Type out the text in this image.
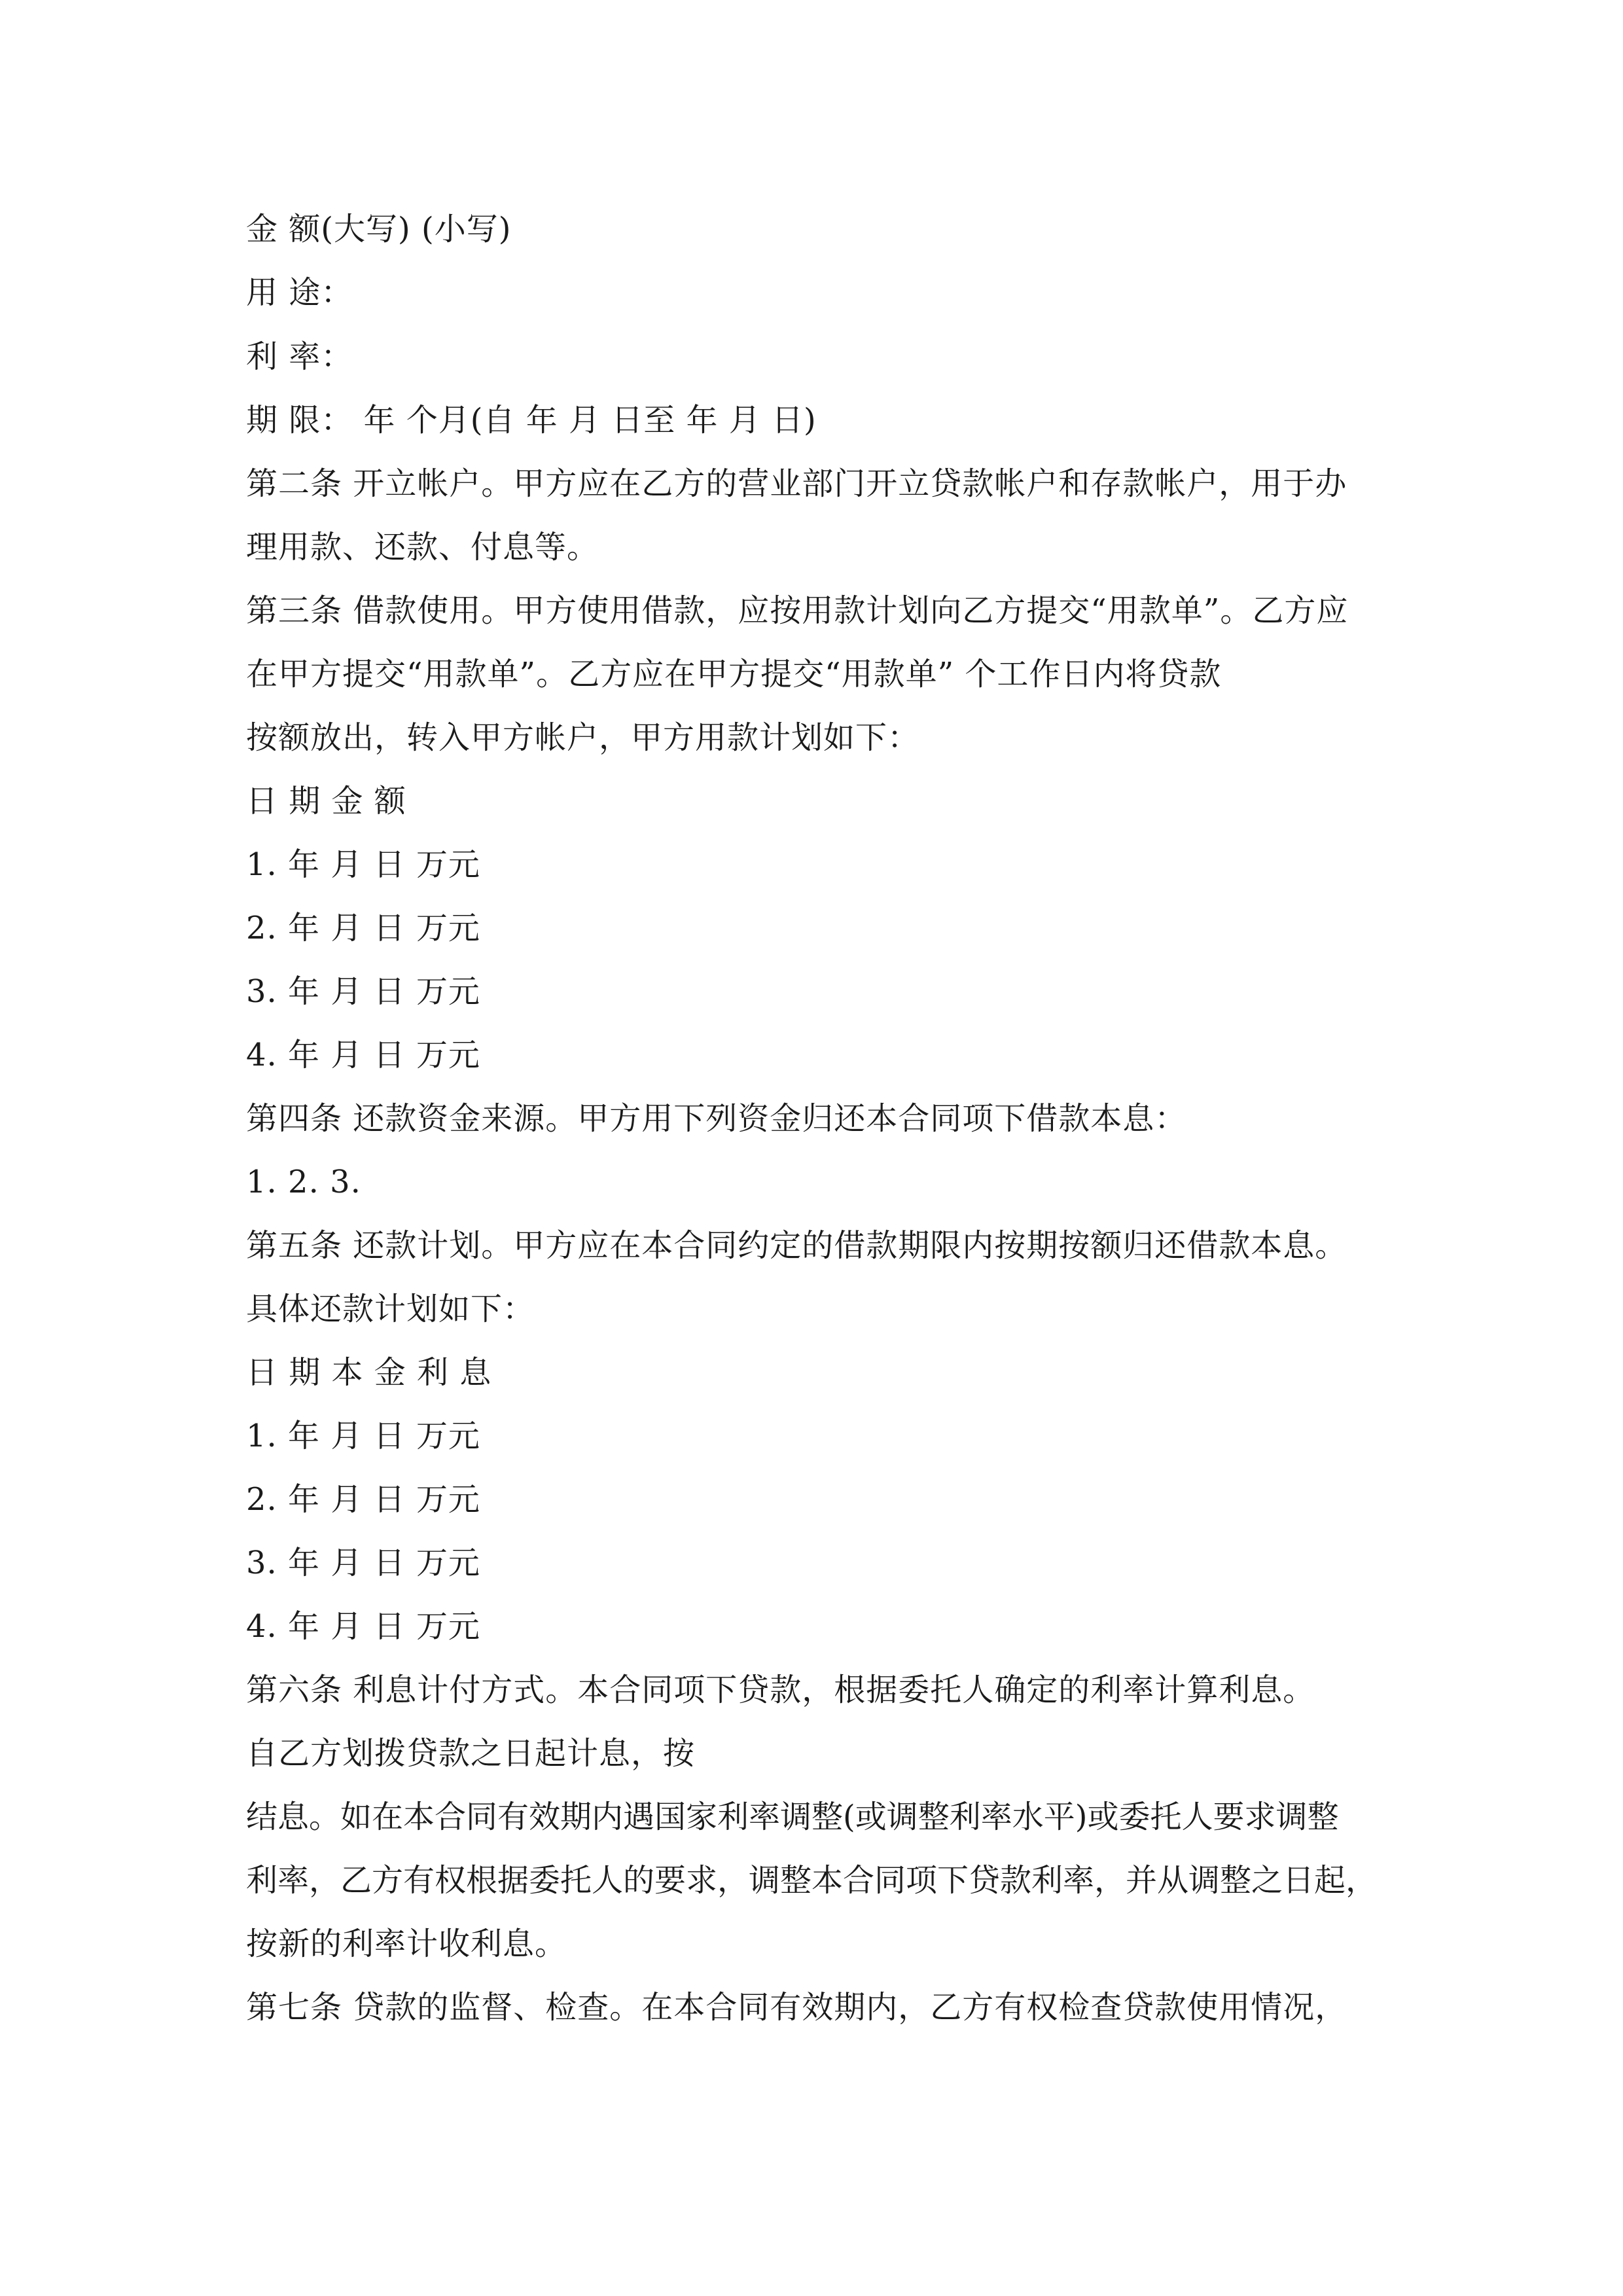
金 额(大写) (小写)
用 途：
利 率：
期 限： 年 个月(自 年 月 日至 年 月 日)
第二条 开立帐户。甲方应在乙方的营业部门开立贷款帐户和存款帐户，用于办
理用款、还款、付息等。
第三条 借款使用。甲方使用借款，应按用款计划向乙方提交“用款单”。乙方应
在甲方提交“用款单”。乙方应在甲方提交“用款单” 个工作日内将贷款
按额放出，转入甲方帐户，甲方用款计划如下：
日 期 金 额
1. 年 月 日 万元
2. 年 月 日 万元
3. 年 月 日 万元
4. 年 月 日 万元
第四条 还款资金来源。甲方用下列资金归还本合同项下借款本息：
1. 2. 3.
第五条 还款计划。甲方应在本合同约定的借款期限内按期按额归还借款本息。
具体还款计划如下：
日 期 本 金 利 息
1. 年 月 日 万元
2. 年 月 日 万元
3. 年 月 日 万元
4. 年 月 日 万元
第六条 利息计付方式。本合同项下贷款，根据委托人确定的利率计算利息。
自乙方划拨贷款之日起计息，按
结息。如在本合同有效期内遇国家利率调整(或调整利率水平)或委托人要求调整
利率，乙方有权根据委托人的要求，调整本合同项下贷款利率，并从调整之日起，
按新的利率计收利息。
第七条 贷款的监督、检查。在本合同有效期内，乙方有权检查贷款使用情况，
